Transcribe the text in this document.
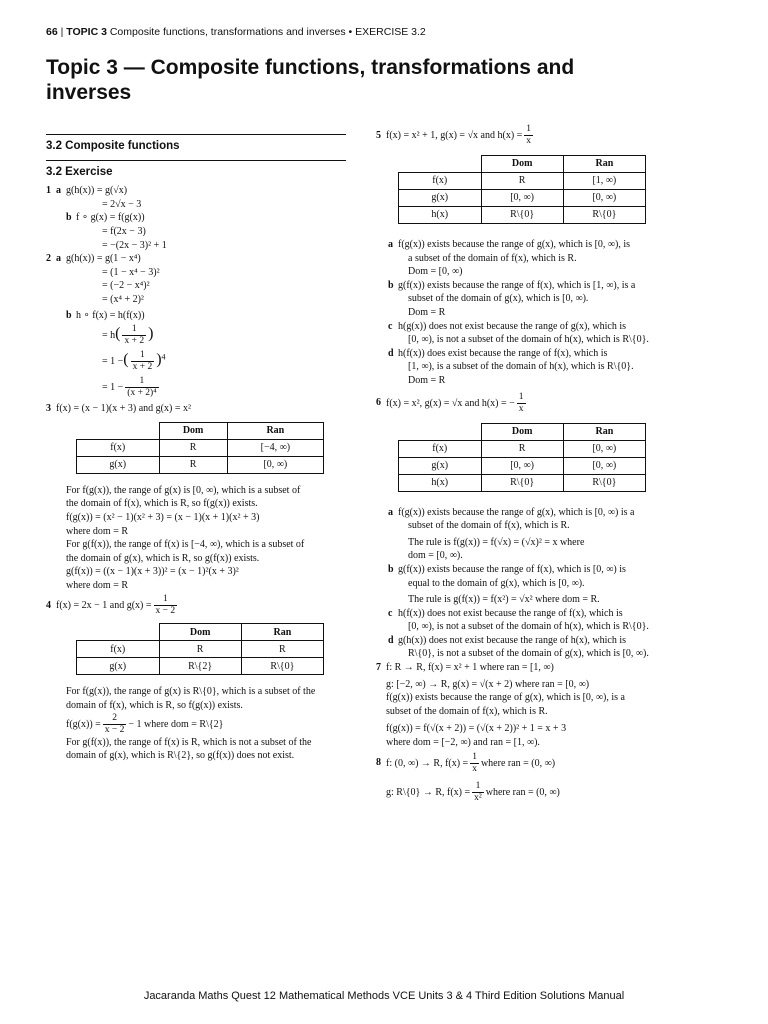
66 | TOPIC 3 Composite functions, transformations and inverses • EXERCISE 3.2
Topic 3 — Composite functions, transformations and inverses
3.2 Composite functions
3.2 Exercise
1 a g(h(x)) = g(√x)
= 2√x − 3
b f ∘ g(x) = f(g(x))
= f(2x − 3)
= −(2x − 3)² + 1
2 a g(h(x)) = g(1 − x⁴)
= (1 − x⁴ − 3)²
= (−2 − x⁴)²
= (x⁴ + 2)²
b h ∘ f(x) = h(f(x))
= $h( \frac{1}{x + 2}$ )
= 1 −( $\frac{1}{x + 2} )^4$
= $1 - \frac{1}{\text{(x + 2)⁴}}$
3 f(x) = (x − 1)(x + 3) and g(x) = x²
	Dom	Ran
f(x)	R	[−4, ∞)
g(x)	R	[0, ∞)
For f(g(x)), the range of g(x) is [0, ∞), which is a subset of
the domain of f(x), which is R, so f(g(x)) exists.
f(g(x)) = (x² − 1)(x² + 3) = (x − 1)(x + 1)(x² + 3)
where dom = R
For g(f(x)), the range of f(x) is [−4, ∞), which is a subset of
the domain of g(x), which is R, so g(f(x)) exists.
g(f(x)) = ((x − 1)(x + 3))² = (x − 1)²(x + 3)²
where dom = R
4 f(x) = 2x − 1 and $g(x) = \frac{1}{x - 2}$
	Dom	Ran
f(x)	R	R
g(x)	R\{2}	R\{0}
For f(g(x)), the range of g(x) is R\{0}, which is a subset of the
domain of f(x), which is R, so f(g(x)) exists.
$f(g(x)) = \frac{2}{x - 2} - 1$ where dom = R\{2}
For g(f(x)), the range of f(x) is R, which is not a subset of the
domain of g(x), which is R\{2}, so g(f(x)) does not exist.
5 f(x) = x² + 1, g(x) = √x and $h(x) = \frac{1}{x}$
	Dom	Ran
f(x)	R	[1, ∞)
g(x)	[0, ∞)	[0, ∞)
h(x)	R\{0}	R\{0}
a f(g(x)) exists because the range of g(x), which is [0, ∞), is
a subset of the domain of f(x), which is R.
Dom = [0, ∞)
b g(f(x)) exists because the range of f(x), which is [1, ∞), is a
subset of the domain of g(x), which is [0, ∞).
Dom = R
c h(g(x)) does not exist because the range of g(x), which is
[0, ∞), is not a subset of the domain of h(x), which is R\{0}.
d h(f(x)) does exist because the range of f(x), which is
[1, ∞), is a subset of the domain of h(x), which is R\{0}.
Dom = R
6 f(x) = x², g(x) = √x and h(x) = − $\frac{1}{x}$
	Dom	Ran
f(x)	R	[0, ∞)
g(x)	[0, ∞)	[0, ∞)
h(x)	R\{0}	R\{0}
a f(g(x)) exists because the range of g(x), which is [0, ∞) is a
subset of the domain of f(x), which is R.
The rule is f(g(x)) = f(√x) = (√x)² = x where
dom = [0, ∞).
b g(f(x)) exists because the range of f(x), which is [0, ∞) is
equal to the domain of g(x), which is [0, ∞).
The rule is g(f(x)) = f(x²) = √x² where dom = R.
c h(f(x)) does not exist because the range of f(x), which is
[0, ∞), is not a subset of the domain of h(x), which is R\{0}.
d g(h(x)) does not exist because the range of h(x), which is
R\{0}, is not a subset of the domain of g(x), which is [0, ∞).
7 f: R → R, f(x) = x² + 1 where ran = [1, ∞)
g: [−2, ∞) → R, g(x) = √(x + 2) where ran = [0, ∞)
f(g(x)) exists because the range of g(x), which is [0, ∞), is a
subset of the domain of f(x), which is R.
f(g(x)) = f(√(x + 2)) = (√(x + 2))² + 1 = x + 3
where dom = [−2, ∞) and ran = [1, ∞).
8 f: (0, ∞) → R, $f(x) = \frac{1}{x}$ where ran = (0, ∞)
g: R\{0} → R, $f(x) = \frac{1}{\text{x²}}$ where ran = (0, ∞)
Jacaranda Maths Quest 12 Mathematical Methods VCE Units 3 & 4 Third Edition Solutions Manual
